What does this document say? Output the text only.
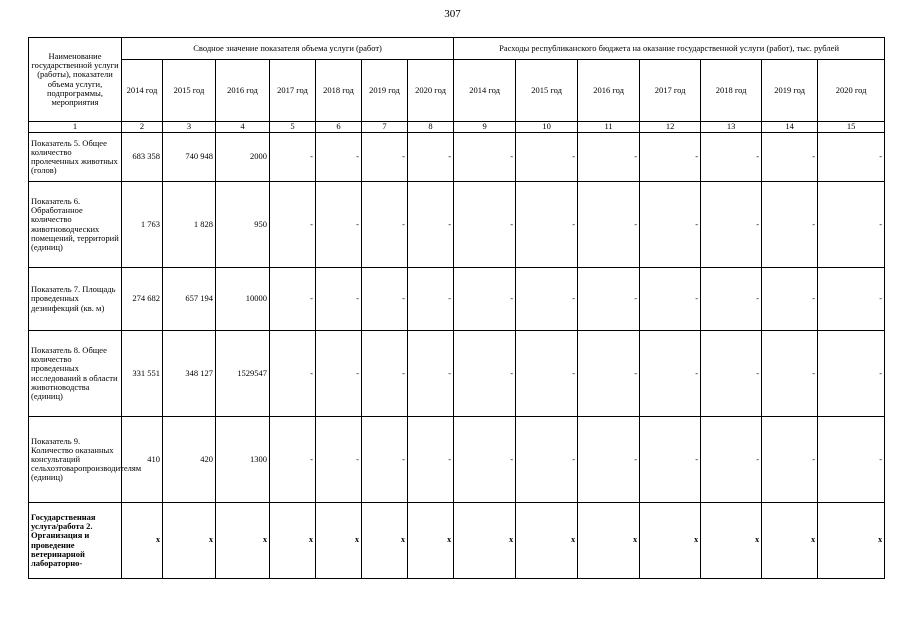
307
Наименование государственной услуги (работы), показатели объема услуги, подпрограммы, мероприятия	Сводное значение показателя объема услуги (работ)							Расходы республиканского бюджета на оказание государственной услуги (работ), тыс. рублей						
	2014 год	2015 год	2016 год	2017 год	2018 год	2019 год	2020 год	2014 год	2015 год	2016 год	2017 год	2018 год	2019 год	2020 год
1	2	3	4	5	6	7	8	9	10	11	12	13	14	15
Показатель 5. Общее количество пролеченных животных (голов)	683 358	740 948	2000	-	-	-	-	-	-	-	-	-	-	-
Показатель 6. Обработанное количество животноводческих помещений, территорий (единиц)	1 763	1 828	950	-	-	-	-	-	-	-	-	-	-	-
Показатель 7. Площадь проведенных дезинфекций (кв. м)	274 682	657 194	10000	-	-	-	-	-	-	-	-	-	-	-
Показатель 8. Общее количество проведенных исследований в области животноводства (единиц)	331 551	348 127	1529547	-	-	-	-	-	-	-	-	-	-	-
Показатель 9. Количество оказанных консультаций сельхозтоваропроизводителям (единиц)	410	420	1300	-	-	-	-	-	-	-	-	-	-	-
Государственная услуга/работа 2. Организация и проведение ветеринарной лабораторно-	x	x	x	x	x	x	x	x	x	x	x	x	x	x
